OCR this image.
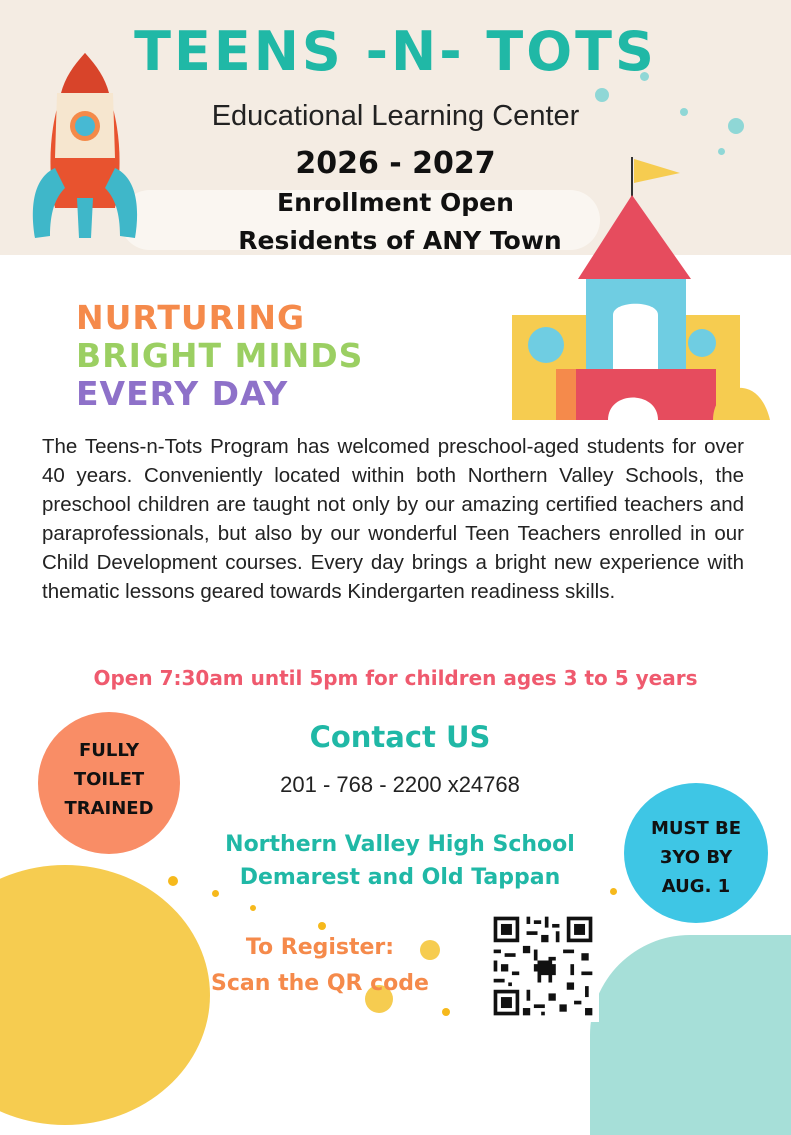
TEENS -N- TOTS
Educational Learning Center
2026 - 2027
Enrollment Open
Residents of ANY Town
NURTURING
BRIGHT MINDS
EVERY DAY
The Teens-n-Tots Program has welcomed preschool-aged students for over 40 years. Conveniently located within both Northern Valley Schools, the preschool children are taught not only by our amazing certified teachers and paraprofessionals, but also by our wonderful Teen Teachers enrolled in our Child Development courses. Every day brings a bright new experience with thematic lessons geared towards Kindergarten readiness skills.
Open 7:30am until 5pm for children ages 3 to 5 years
FULLY TOILET TRAINED
MUST BE 3YO BY AUG. 1
Contact US
201 - 768 - 2200 x24768
Northern Valley High School
Demarest and Old Tappan
To Register:
Scan the QR code
